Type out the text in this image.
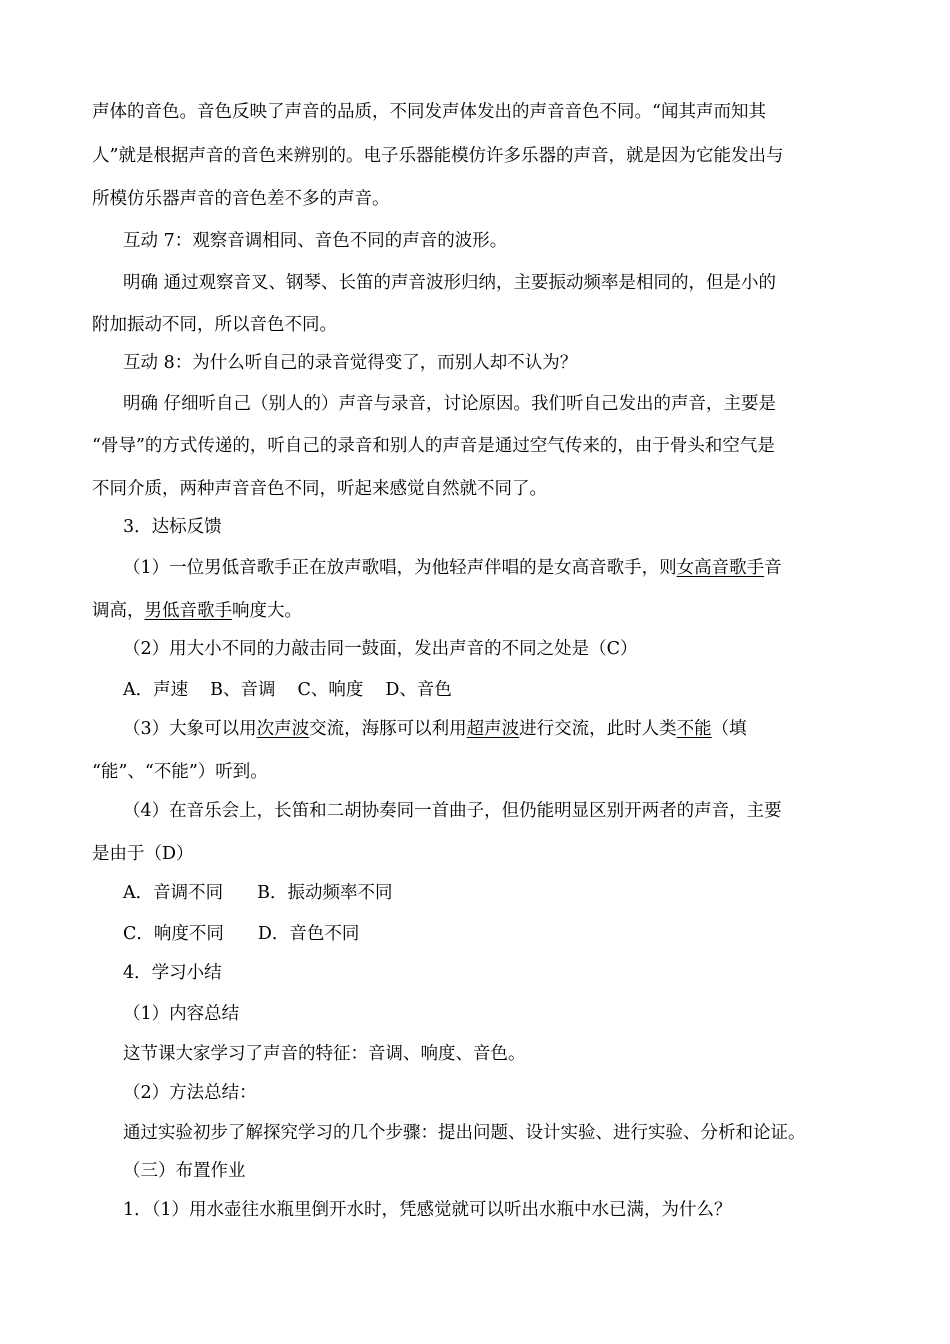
声体的音色。音色反映了声音的品质，不同发声体发出的声音音色不同。“闻其声而知其
人”就是根据声音的音色来辨别的。电子乐器能模仿许多乐器的声音，就是因为它能发出与
所模仿乐器声音的音色差不多的声音。
互动 7：观察音调相同、音色不同的声音的波形。
明确 通过观察音叉、钢琴、长笛的声音波形归纳，主要振动频率是相同的，但是小的
附加振动不同，所以音色不同。
互动 8：为什么听自己的录音觉得变了，而别人却不认为？
明确 仔细听自己（别人的）声音与录音，讨论原因。我们听自己发出的声音，主要是
“骨导”的方式传递的，听自己的录音和别人的声音是通过空气传来的，由于骨头和空气是
不同介质，两种声音音色不同，听起来感觉自然就不同了。
3．达标反馈
（1）一位男低音歌手正在放声歌唱，为他轻声伴唱的是女高音歌手，则女高音歌手音
调高，男低音歌手响度大。
（2）用大小不同的力敲击同一鼓面，发出声音的不同之处是（C）
A．声速 B、音调 C、响度 D、音色
（3）大象可以用次声波交流，海豚可以利用超声波进行交流，此时人类不能（填
“能”、“不能”）听到。
（4）在音乐会上，长笛和二胡协奏同一首曲子，但仍能明显区别开两者的声音，主要
是由于（D）
A．音调不同 B．振动频率不同
C．响度不同 D．音色不同
4．学习小结
（1）内容总结
这节课大家学习了声音的特征：音调、响度、音色。
（2）方法总结：
通过实验初步了解探究学习的几个步骤：提出问题、设计实验、进行实验、分析和论证。
（三）布置作业
1．（1）用水壶往水瓶里倒开水时，凭感觉就可以听出水瓶中水已满，为什么？
